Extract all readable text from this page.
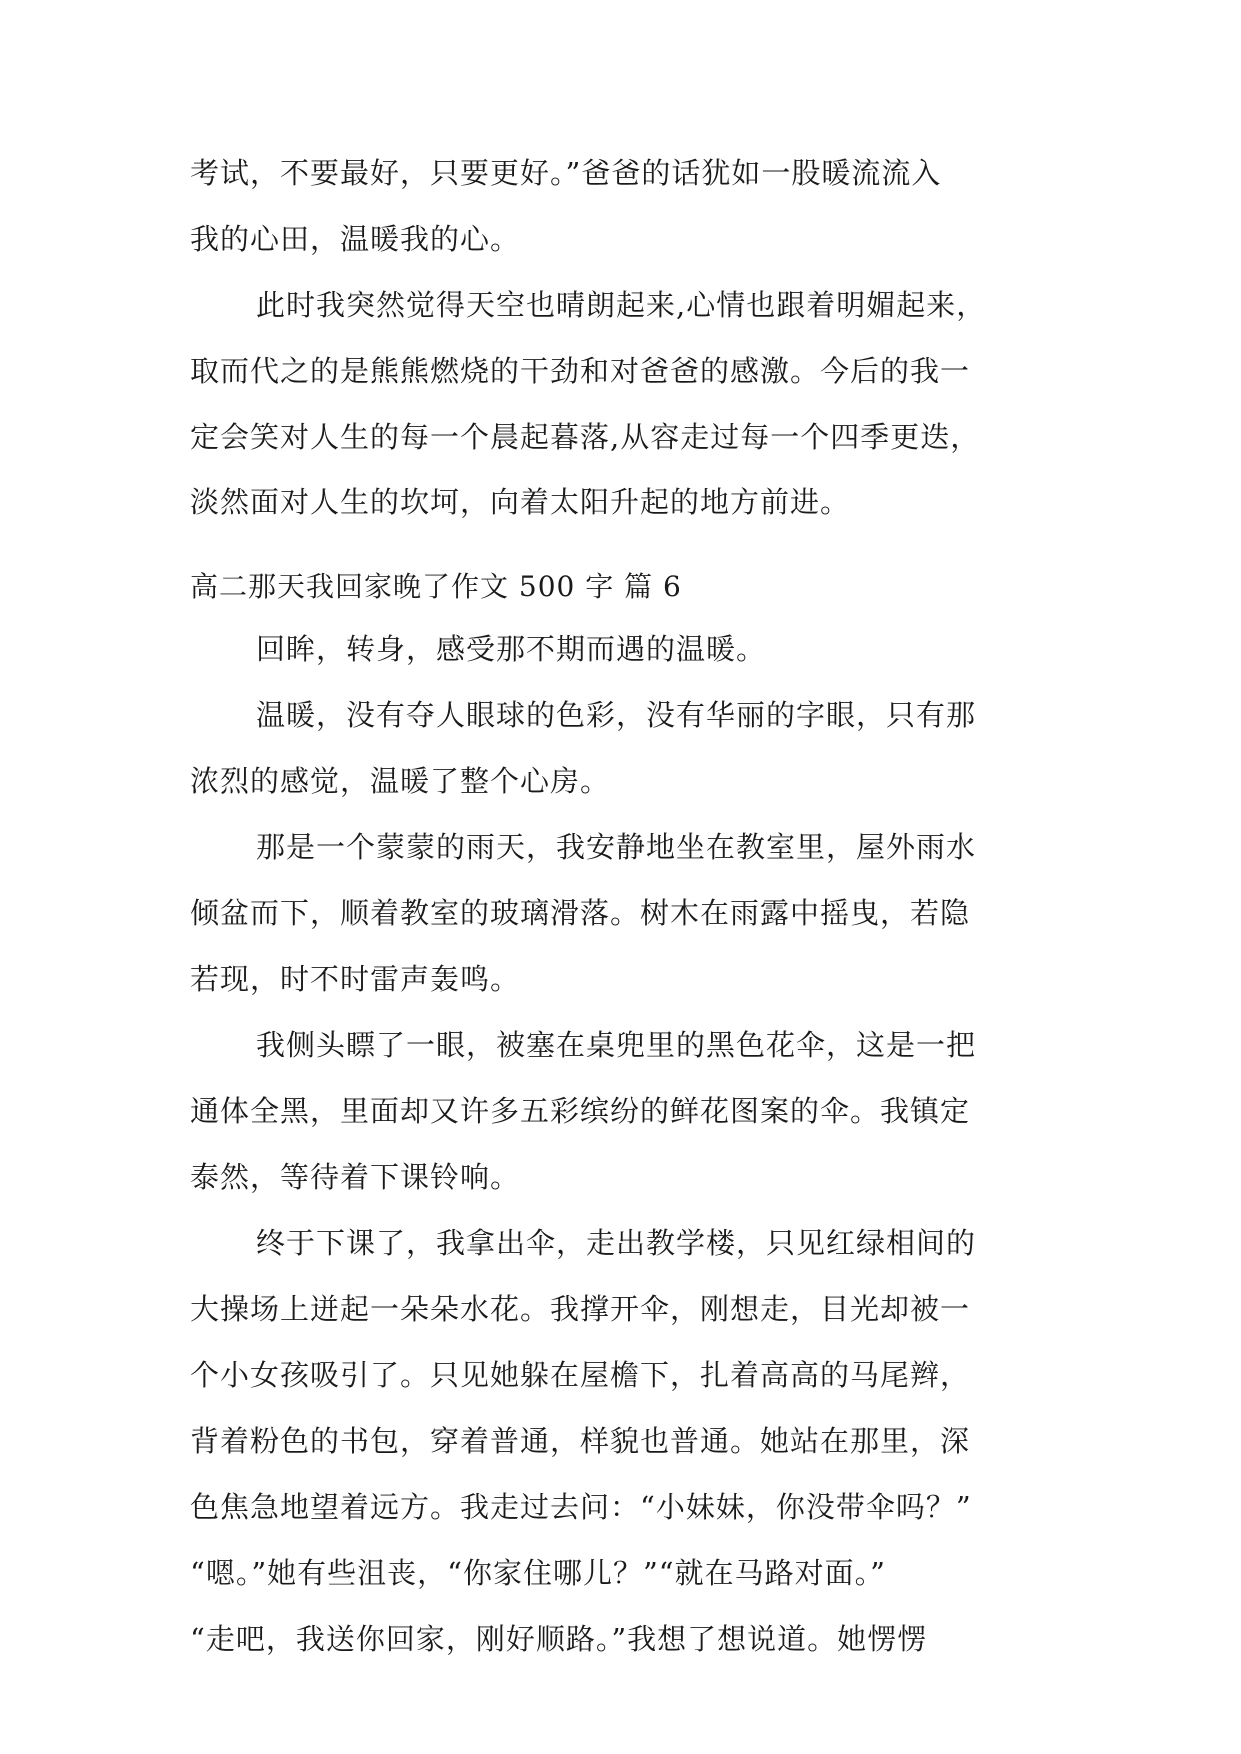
考试，不要最好，只要更好。”爸爸的话犹如一股暖流流入
我的心田，温暖我的心。
此时我突然觉得天空也晴朗起来,心情也跟着明媚起来，
取而代之的是熊熊燃烧的干劲和对爸爸的感激。今后的我一
定会笑对人生的每一个晨起暮落,从容走过每一个四季更迭，
淡然面对人生的坎坷，向着太阳升起的地方前进。
高二那天我回家晚了作文 500 字 篇 6
回眸，转身，感受那不期而遇的温暖。
温暖，没有夺人眼球的色彩，没有华丽的字眼，只有那
浓烈的感觉，温暖了整个心房。
那是一个蒙蒙的雨天，我安静地坐在教室里，屋外雨水
倾盆而下，顺着教室的玻璃滑落。树木在雨露中摇曳，若隐
若现，时不时雷声轰鸣。
我侧头瞟了一眼，被塞在桌兜里的黑色花伞，这是一把
通体全黑，里面却又许多五彩缤纷的鲜花图案的伞。我镇定
泰然，等待着下课铃响。
终于下课了，我拿出伞，走出教学楼，只见红绿相间的
大操场上迸起一朵朵水花。我撑开伞，刚想走，目光却被一
个小女孩吸引了。只见她躲在屋檐下，扎着高高的马尾辫，
背着粉色的书包，穿着普通，样貌也普通。她站在那里，深
色焦急地望着远方。我走过去问：“小妹妹，你没带伞吗？”
“嗯。”她有些沮丧，“你家住哪儿？”“就在马路对面。”
“走吧，我送你回家，刚好顺路。”我想了想说道。她愣愣
